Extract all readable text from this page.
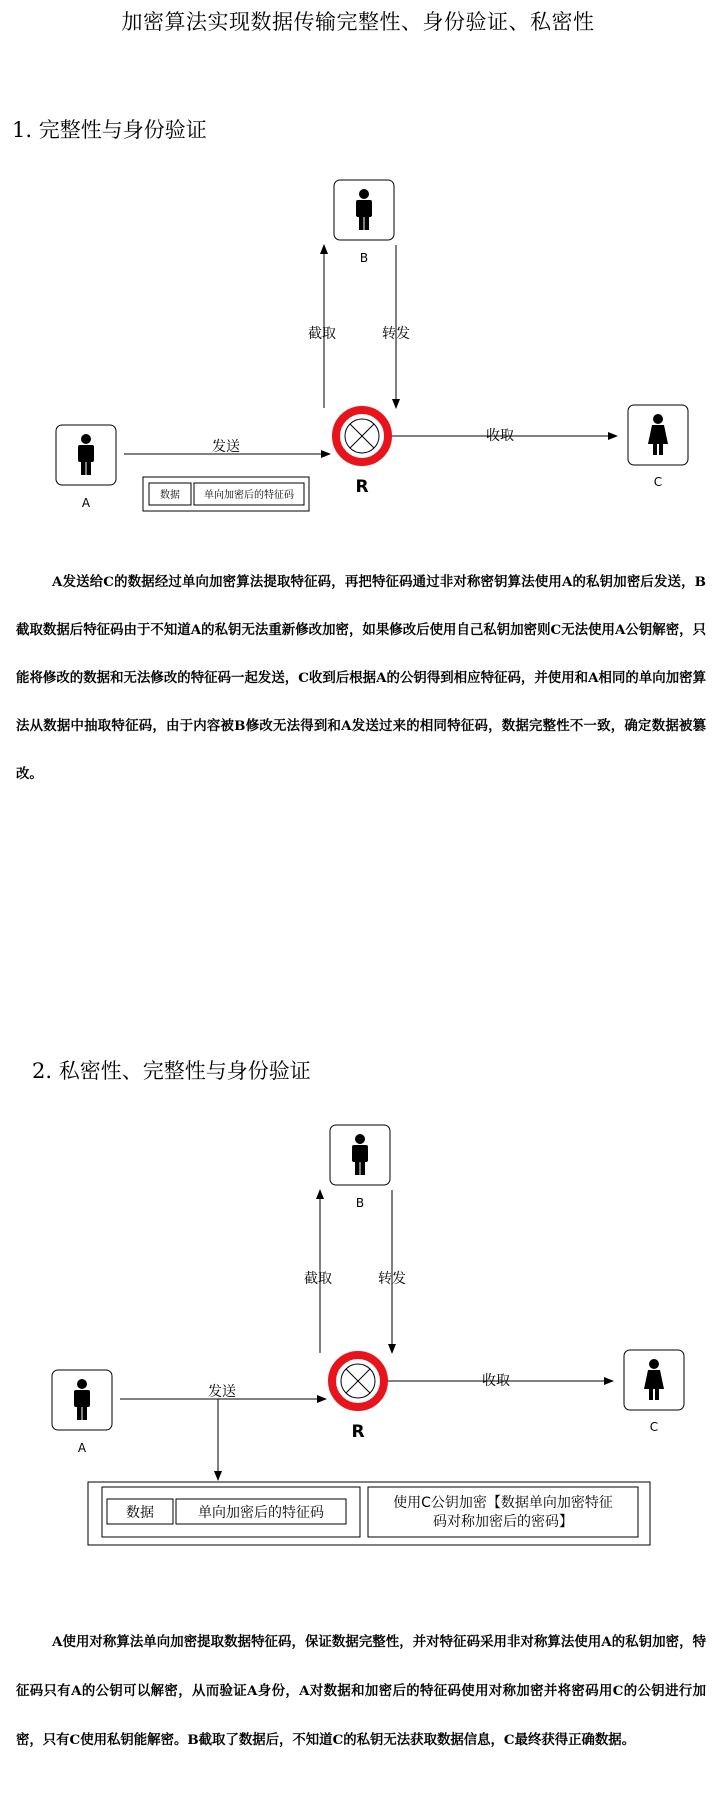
加密算法实现数据传输完整性、身份验证、私密性
1. 完整性与身份验证
B
A
C
R
截取	转发
发送
收取
数据 单向加密后的特征码
A发送给C的数据经过单向加密算法提取特征码，再把特征码通过非对称密钥算法使用A的私钥加密后发送，B截取数据后特征码由于不知道A的私钥无法重新修改加密，如果修改后使用自己私钥加密则C无法使用A公钥解密，只能将修改的数据和无法修改的特征码一起发送，C收到后根据A的公钥得到相应特征码，并使用和A相同的单向加密算法从数据中抽取特征码，由于内容被B修改无法得到和A发送过来的相同特征码，数据完整性不一致，确定数据被篡改。
2. 私密性、完整性与身份验证
B
A
C
R
截取	转发
发送
收取
数据	单向加密后的特征码
使用C公钥加密【数据单向加密特征
码对称加密后的密码】
A使用对称算法单向加密提取数据特征码，保证数据完整性，并对特征码采用非对称算法使用A的私钥加密，特征码只有A的公钥可以解密，从而验证A身份，A对数据和加密后的特征码使用对称加密并将密码用C的公钥进行加密，只有C使用私钥能解密。B截取了数据后，不知道C的私钥无法获取数据信息，C最终获得正确数据。
